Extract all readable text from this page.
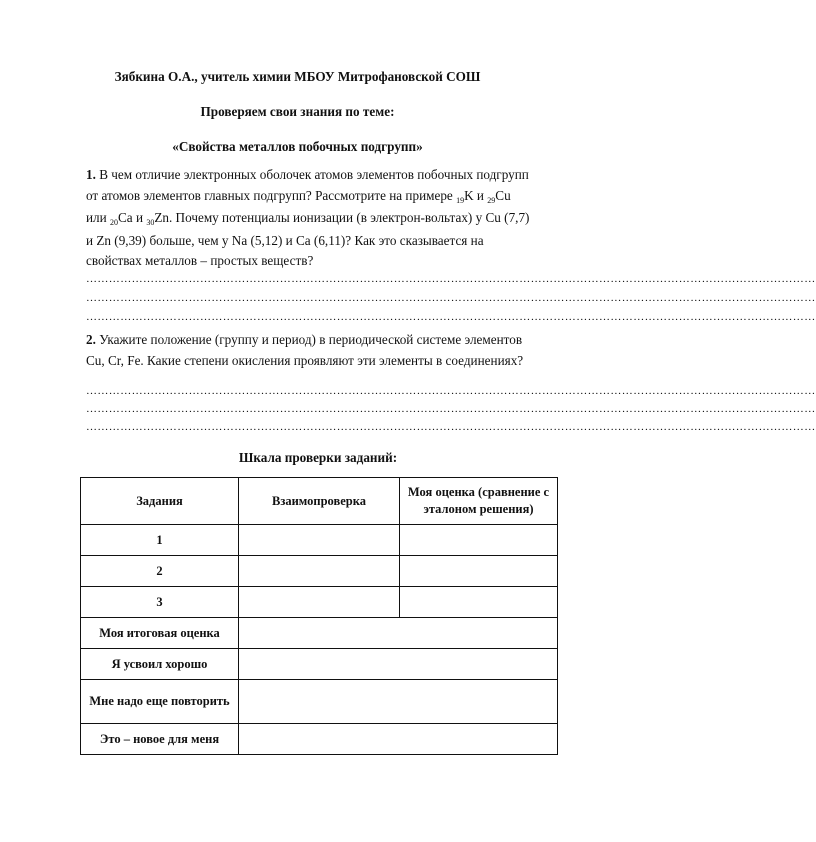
Зябкина О.А., учитель химии МБОУ Митрофановской СОШ
Проверяем свои знания по теме:
«Свойства металлов побочных подгрупп»
1. В чем отличие электронных оболочек атомов элементов побочных подгрупп
от атомов элементов главных подгрупп? Рассмотрите на примере $_{19}$K и $_{29}$Cu
или $_{20}$Ca и $_{30}$Zn. Почему потенциалы ионизации (в электрон-вольтах) у Cu (7,7)
и Zn (9,39) больше, чем у Na (5,12) и Ca (6,11)? Как это сказывается на
свойствах металлов – простых веществ?
…………………………………………………………………………………………………………………………………………………………………………
…………………………………………………………………………………………………………………………………………………………………………
…………………………………………………………………………………………………………………………………………………………………………
2. Укажите положение (группу и период) в периодической системе элементов
Cu, Cr, Fe. Какие степени окисления проявляют эти элементы в соединениях?
…………………………………………………………………………………………………………………………………………………………………………
…………………………………………………………………………………………………………………………………………………………………………
…………………………………………………………………………………………………………………………………………………………………………
Шкала проверки заданий:
Задания	Взаимопроверка	Моя оценка (сравнение с эталоном решения)
1		
2		
3		
Моя итоговая оценка		
Я усвоил хорошо		
Мне надо еще повторить		
Это – новое для меня		
